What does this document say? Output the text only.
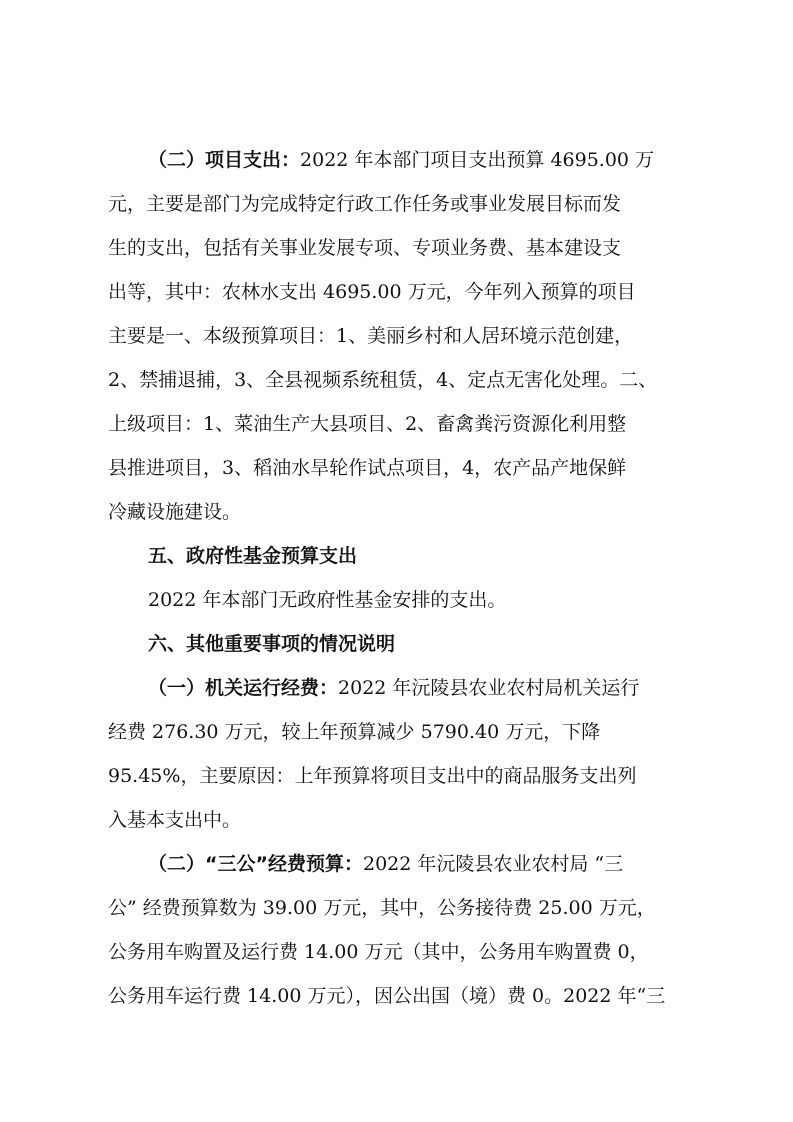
（二）项目支出：2022 年本部门项目支出预算 4695.00 万
元，主要是部门为完成特定行政工作任务或事业发展目标而发
生的支出，包括有关事业发展专项、专项业务费、基本建设支
出等，其中：农林水支出 4695.00 万元，今年列入预算的项目
主要是一、本级预算项目：1、美丽乡村和人居环境示范创建，
2、禁捕退捕，3、全县视频系统租赁，4、定点无害化处理。二、
上级项目：1、菜油生产大县项目、2、畜禽粪污资源化利用整
县推进项目，3、稻油水旱轮作试点项目，4，农产品产地保鲜
冷藏设施建设。
五、政府性基金预算支出
2022 年本部门无政府性基金安排的支出。
六、其他重要事项的情况说明
（一）机关运行经费：2022 年沅陵县农业农村局机关运行
经费 276.30 万元，较上年预算减少 5790.40 万元，下降
95.45%，主要原因：上年预算将项目支出中的商品服务支出列
入基本支出中。
（二）“三公”经费预算：2022 年沅陵县农业农村局 “三
公” 经费预算数为 39.00 万元，其中，公务接待费 25.00 万元，
公务用车购置及运行费 14.00 万元（其中，公务用车购置费 0，
公务用车运行费 14.00 万元），因公出国（境）费 0。2022 年“三
